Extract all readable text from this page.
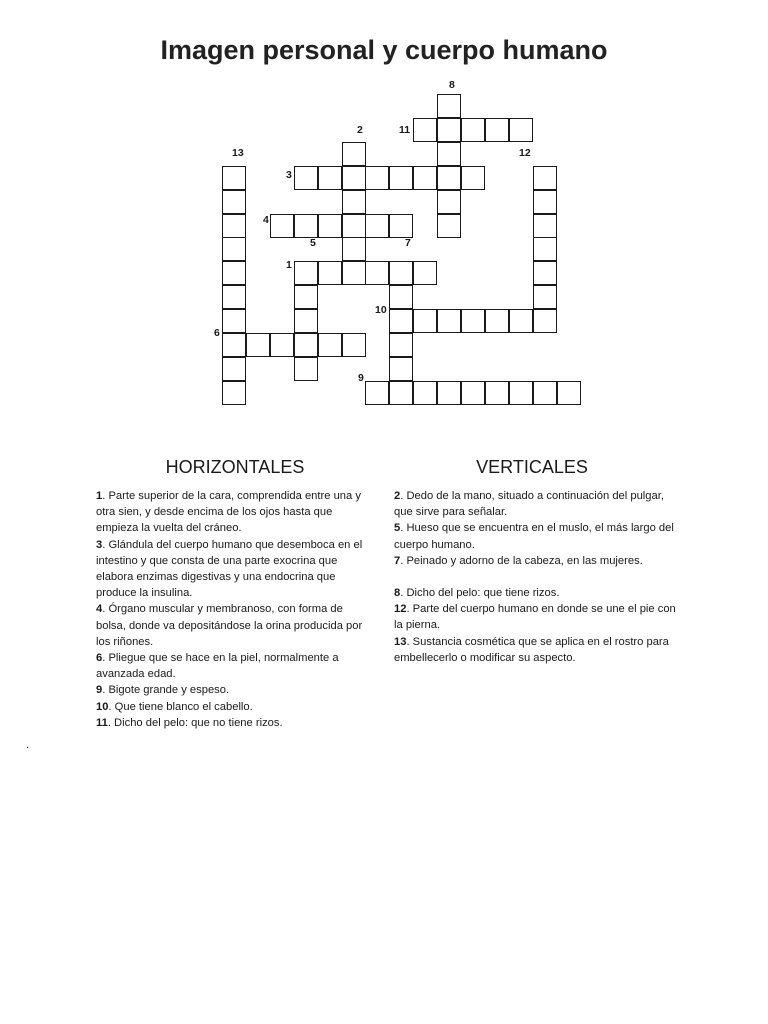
Imagen personal y cuerpo humano
8
2	11
13	12
3
4
5	7
1
10
6
9
HORIZONTALES	VERTICALES

1. Parte superior de la cara, comprendida entre una y otra sien, y desde encima de los ojos hasta que empieza la vuelta del cráneo.

3. Glándula del cuerpo humano que desemboca en el intestino y que consta de una parte exocrina que elabora enzimas digestivas y una endocrina que produce la insulina.

4. Órgano muscular y membranoso, con forma de bolsa, donde va depositándose la orina producida por los riñones.

6. Pliegue que se hace en la piel, normalmente a avanzada edad.

9. Bigote grande y espeso.

10. Que tiene blanco el cabello.

11. Dicho del pelo: que no tiene rizos.

2. Dedo de la mano, situado a continuación del pulgar, que sirve para señalar.

5. Hueso que se encuentra en el muslo, el más largo del cuerpo humano.

7. Peinado y adorno de la cabeza, en las mujeres.

8. Dicho del pelo: que tiene rizos.

12. Parte del cuerpo humano en donde se une el pie con la pierna.

13. Sustancia cosmética que se aplica en el rostro para embellecerlo o modificar su aspecto.

.
